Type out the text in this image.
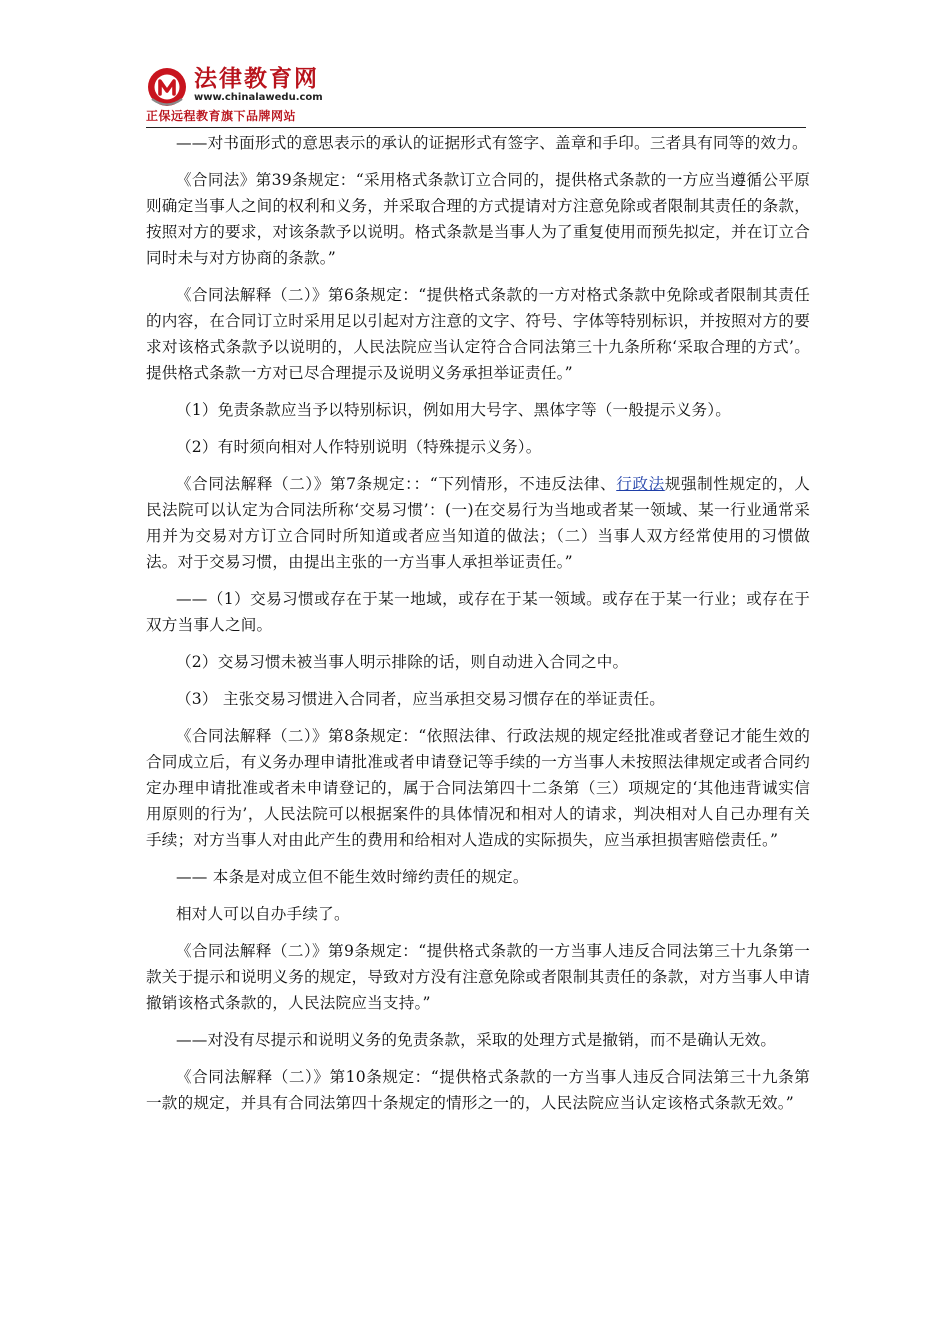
法律教育网
www.chinalawedu.com
正保远程教育旗下品牌网站

——对书面形式的意思表示的承认的证据形式有签字、盖章和手印。三者具有同等的效力。

《合同法》第39条规定：“采用格式条款订立合同的，提供格式条款的一方应当遵循公平原则确定当事人之间的权利和义务，并采取合理的方式提请对方注意免除或者限制其责任的条款，按照对方的要求，对该条款予以说明。格式条款是当事人为了重复使用而预先拟定，并在订立合同时未与对方协商的条款。”

《合同法解释（二）》第6条规定：“提供格式条款的一方对格式条款中免除或者限制其责任的内容，在合同订立时采用足以引起对方注意的文字、符号、字体等特别标识，并按照对方的要求对该格式条款予以说明的，人民法院应当认定符合合同法第三十九条所称‘采取合理的方式’。提供格式条款一方对已尽合理提示及说明义务承担举证责任。”

（1）免责条款应当予以特别标识，例如用大号字、黑体字等（一般提示义务）。

（2）有时须向相对人作特别说明（特殊提示义务）。

《合同法解释（二）》第7条规定：：“下列情形，不违反法律、行政法规强制性规定的，人民法院可以认定为合同法所称‘交易习惯’：(一)在交易行为当地或者某一领域、某一行业通常采用并为交易对方订立合同时所知道或者应当知道的做法；（二）当事人双方经常使用的习惯做法。对于交易习惯，由提出主张的一方当事人承担举证责任。”

——（1）交易习惯或存在于某一地域，或存在于某一领域。或存在于某一行业；或存在于双方当事人之间。

（2）交易习惯未被当事人明示排除的话，则自动进入合同之中。

（3） 主张交易习惯进入合同者，应当承担交易习惯存在的举证责任。

《合同法解释（二）》第8条规定：“依照法律、行政法规的规定经批准或者登记才能生效的合同成立后，有义务办理申请批准或者申请登记等手续的一方当事人未按照法律规定或者合同约定办理申请批准或者未申请登记的，属于合同法第四十二条第（三）项规定的‘其他违背诚实信用原则的行为’，人民法院可以根据案件的具体情况和相对人的请求，判决相对人自己办理有关手续；对方当事人对由此产生的费用和给相对人造成的实际损失，应当承担损害赔偿责任。”

—— 本条是对成立但不能生效时缔约责任的规定。

相对人可以自办手续了。

《合同法解释（二）》第9条规定：“提供格式条款的一方当事人违反合同法第三十九条第一款关于提示和说明义务的规定，导致对方没有注意免除或者限制其责任的条款，对方当事人申请撤销该格式条款的，人民法院应当支持。”

——对没有尽提示和说明义务的免责条款，采取的处理方式是撤销，而不是确认无效。

《合同法解释（二）》第10条规定：“提供格式条款的一方当事人违反合同法第三十九条第一款的规定，并具有合同法第四十条规定的情形之一的，人民法院应当认定该格式条款无效。”
